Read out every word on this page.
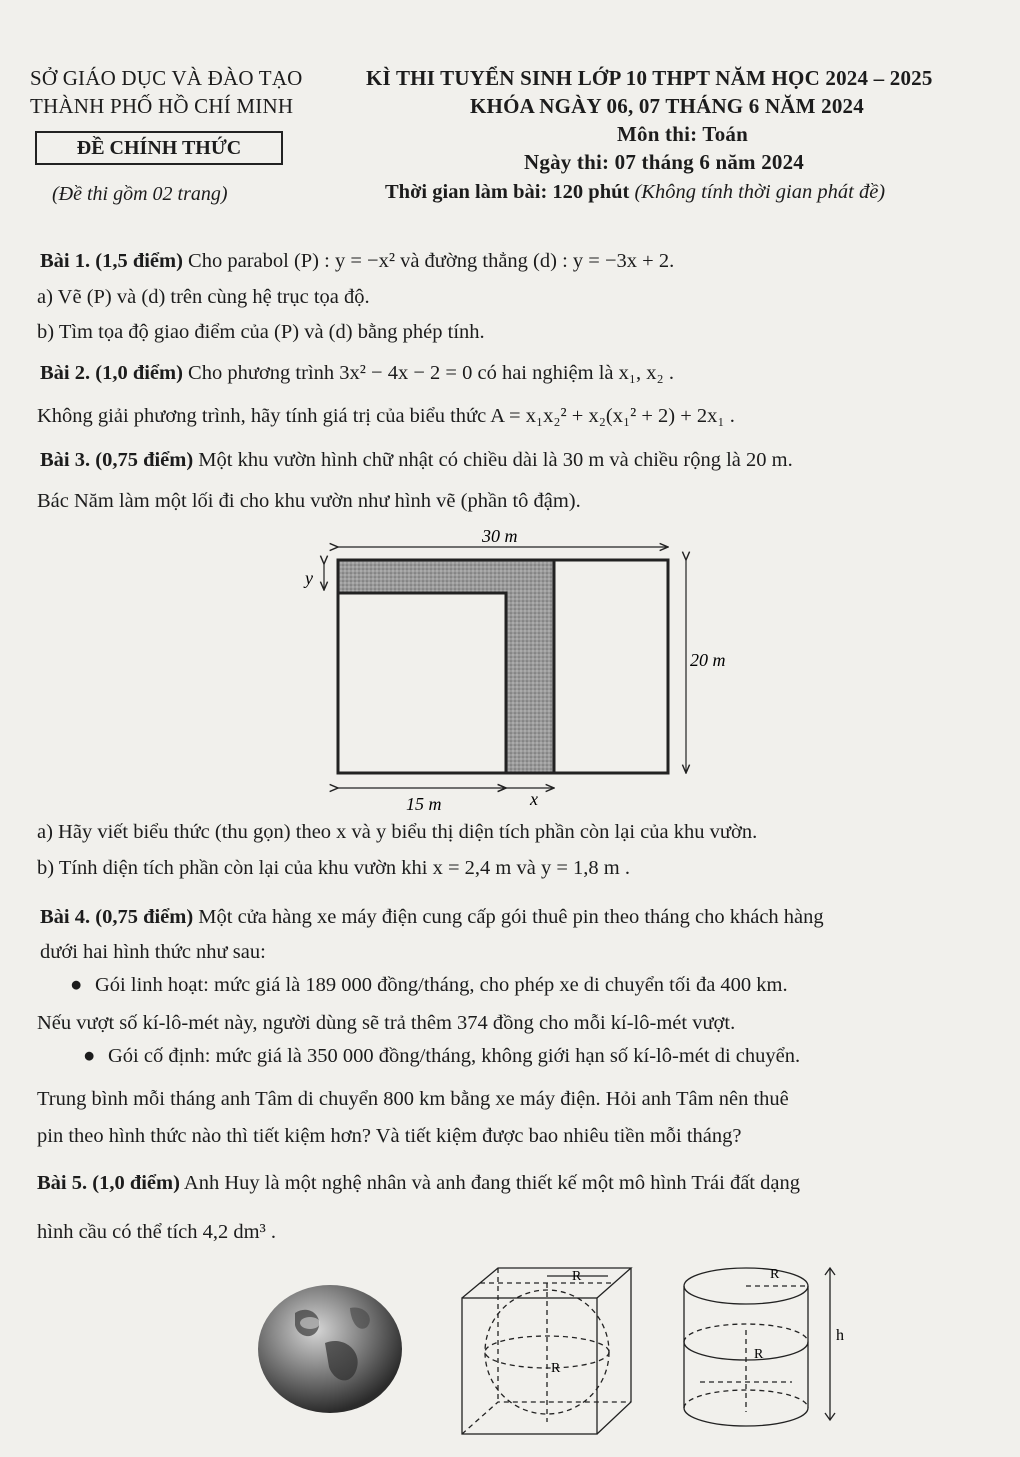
SỞ GIÁO DỤC VÀ ĐÀO TẠO
THÀNH PHỐ HỒ CHÍ MINH
ĐỀ CHÍNH THỨC
(Đề thi gồm 02 trang)
KÌ THI TUYỂN SINH LỚP 10 THPT NĂM HỌC 2024 – 2025
KHÓA NGÀY 06, 07 THÁNG 6 NĂM 2024
Môn thi: Toán
Ngày thi: 07 tháng 6 năm 2024
Thời gian làm bài: 120 phút (Không tính thời gian phát đề)
Bài 1. (1,5 điểm) Cho parabol (P) : y = −x² và đường thẳng (d) : y = −3x + 2.
a) Vẽ (P) và (d) trên cùng hệ trục tọa độ.
b) Tìm tọa độ giao điểm của (P) và (d) bằng phép tính.
Bài 2. (1,0 điểm) Cho phương trình 3x² − 4x − 2 = 0 có hai nghiệm là x₁, x₂ .
Không giải phương trình, hãy tính giá trị của biểu thức A = x₁x₂² + x₂(x₁² + 2) + 2x₁ .
Bài 3. (0,75 điểm) Một khu vườn hình chữ nhật có chiều dài là 30 m và chiều rộng là 20 m.
Bác Năm làm một lối đi cho khu vườn như hình vẽ (phần tô đậm).
30 m
y
20 m
15 m	x
a) Hãy viết biểu thức (thu gọn) theo x và y biểu thị diện tích phần còn lại của khu vườn.
b) Tính diện tích phần còn lại của khu vườn khi x = 2,4 m và y = 1,8 m .
Bài 4. (0,75 điểm) Một cửa hàng xe máy điện cung cấp gói thuê pin theo tháng cho khách hàng
dưới hai hình thức như sau:
● Gói linh hoạt: mức giá là 189 000 đồng/tháng, cho phép xe di chuyển tối đa 400 km.
Nếu vượt số kí-lô-mét này, người dùng sẽ trả thêm 374 đồng cho mỗi kí-lô-mét vượt.
● Gói cố định: mức giá là 350 000 đồng/tháng, không giới hạn số kí-lô-mét di chuyển.
Trung bình mỗi tháng anh Tâm di chuyển 800 km bằng xe máy điện. Hỏi anh Tâm nên thuê
pin theo hình thức nào thì tiết kiệm hơn? Và tiết kiệm được bao nhiêu tiền mỗi tháng?
Bài 5. (1,0 điểm) Anh Huy là một nghệ nhân và anh đang thiết kế một mô hình Trái đất dạng
hình cầu có thể tích 4,2 dm³ .
R
R
R
R
h
